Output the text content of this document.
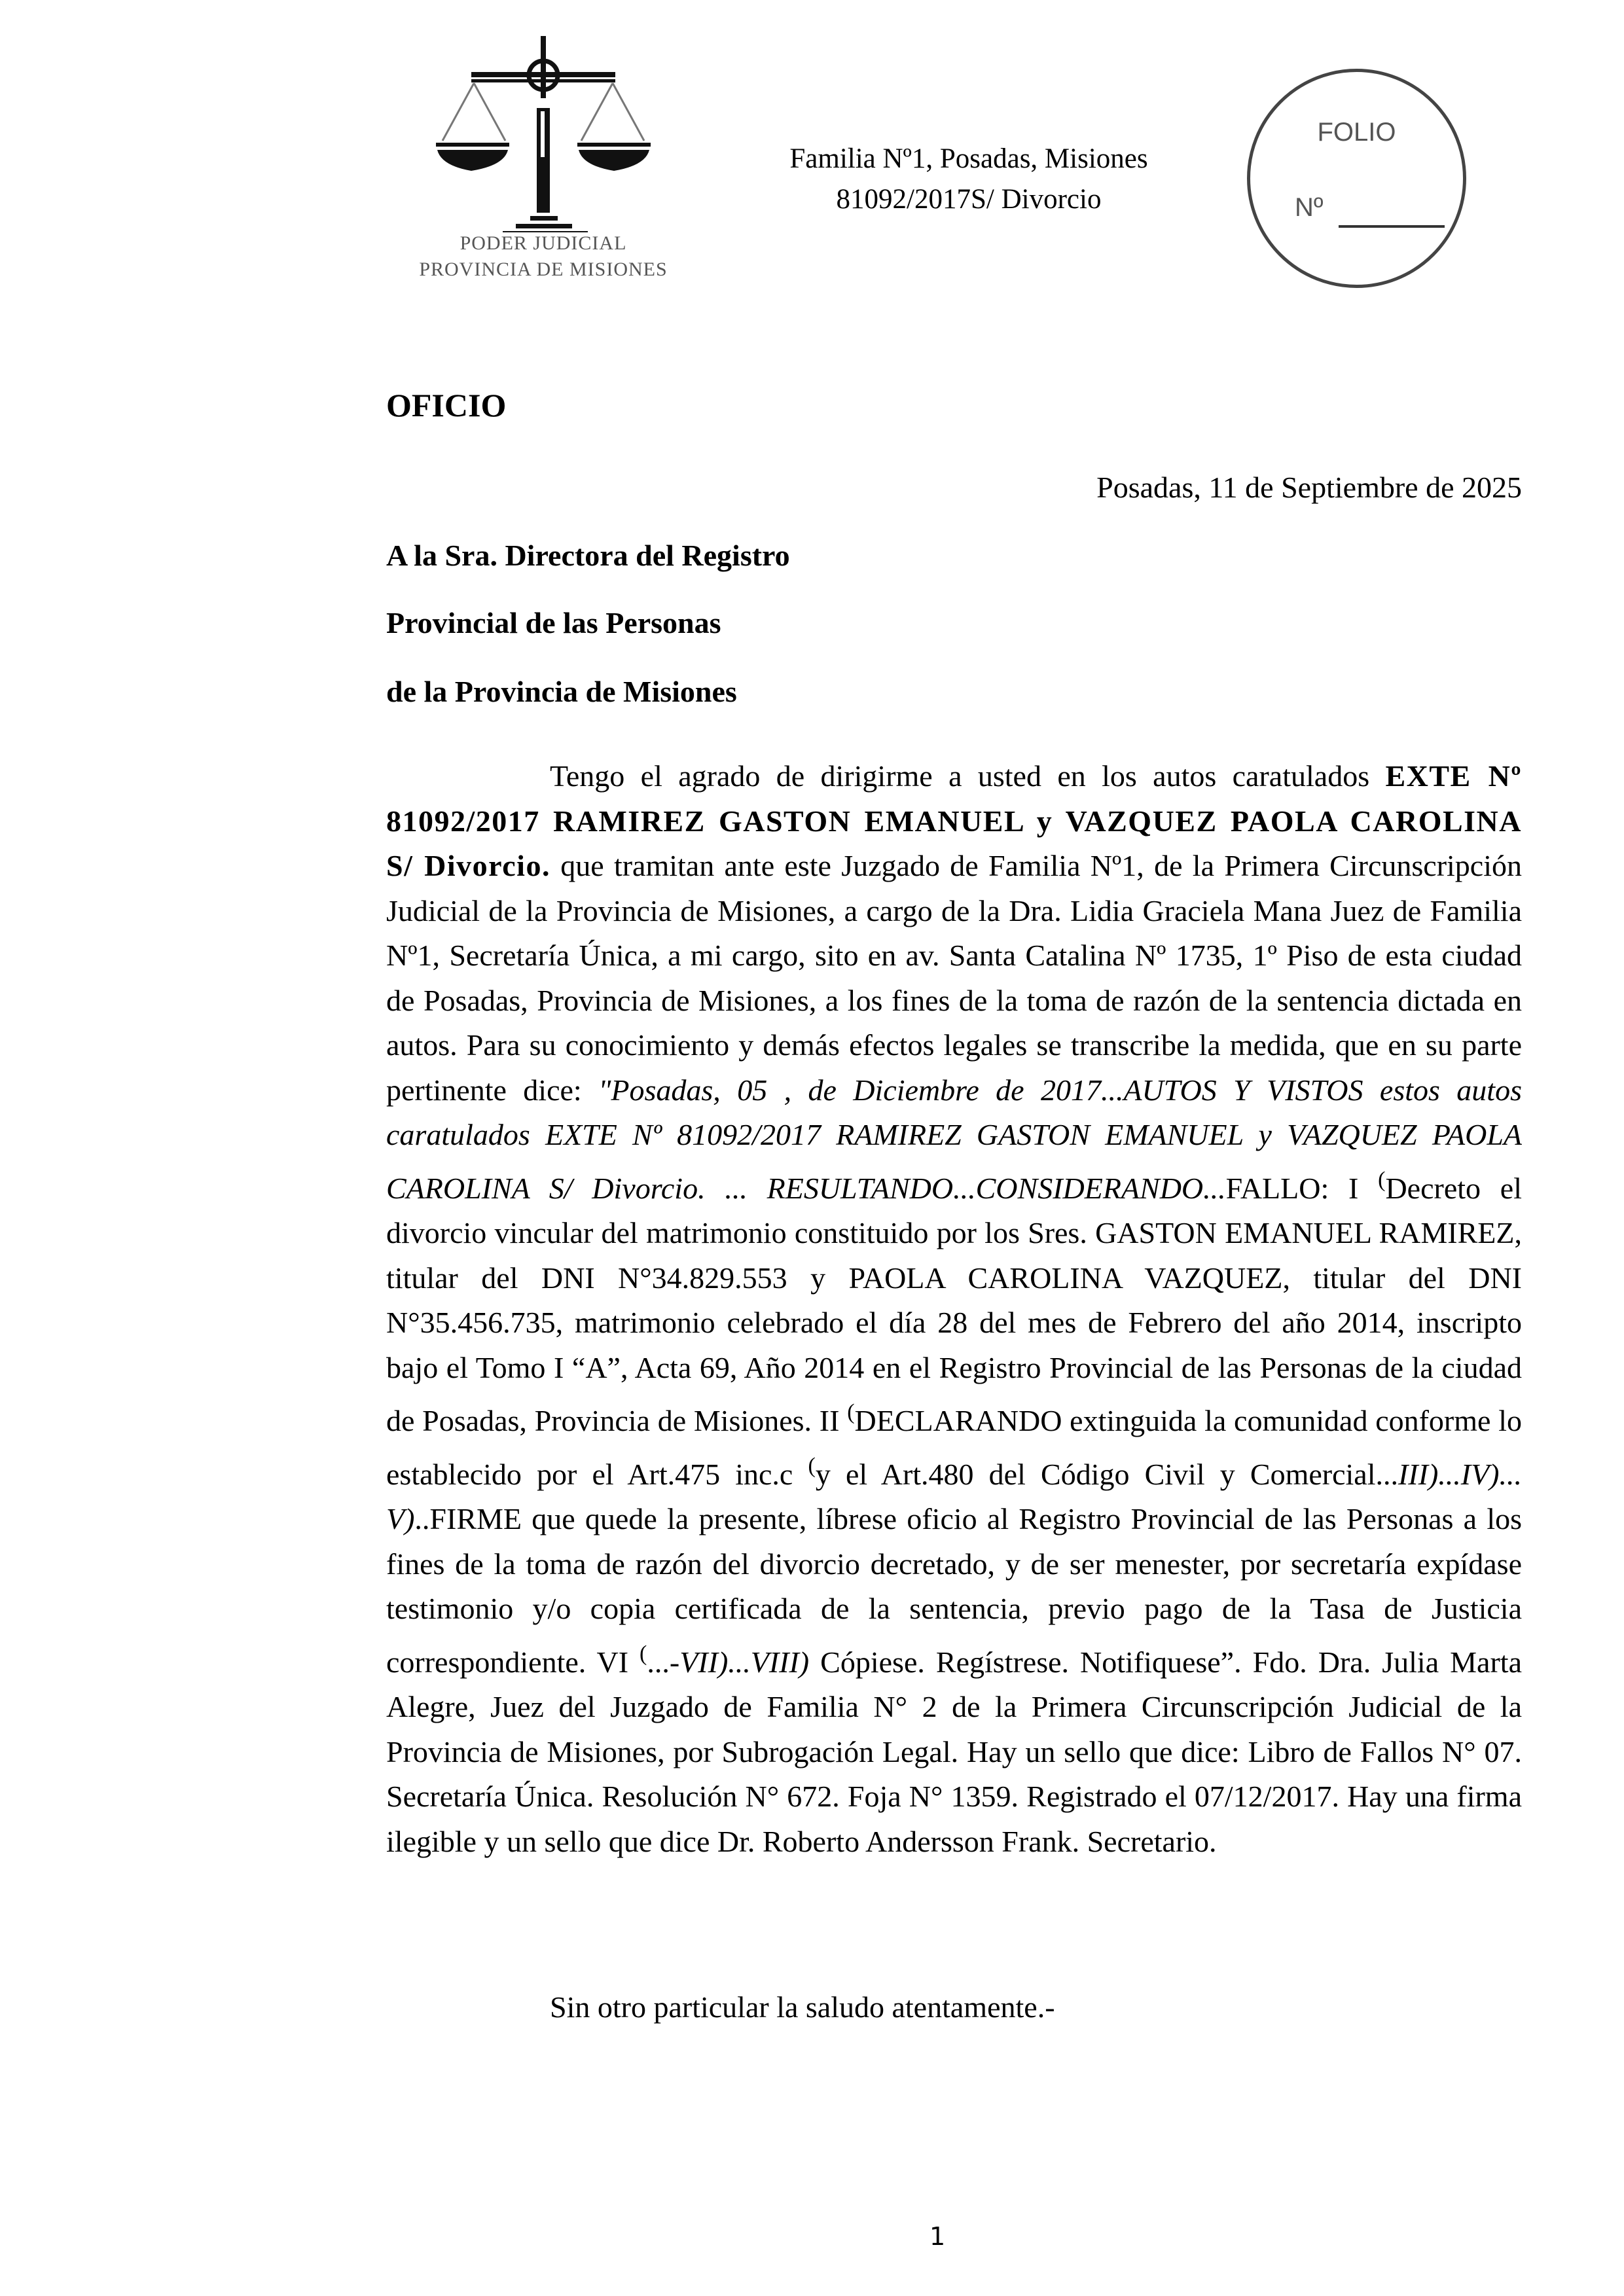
PODER JUDICIAL
PROVINCIA DE MISIONES
Familia Nº1, Posadas, Misiones
81092/2017S/ Divorcio
FOLIO
Nº
OFICIO
Posadas, 11 de Septiembre de 2025
A la Sra. Directora del Registro
Provincial de las Personas
de la Provincia de Misiones

Tengo el agrado de dirigirme a usted en los autos caratulados EXTE Nº 81092/2017 RAMIREZ GASTON EMANUEL y VAZQUEZ PAOLA CAROLINA S/ Divorcio. que tramitan ante este Juzgado de Familia Nº1, de la Primera Circunscripción Judicial de la Provincia de Misiones, a cargo de la Dra. Lidia Graciela Mana Juez de Familia Nº1, Secretaría Única, a mi cargo, sito en av. Santa Catalina Nº 1735, 1º Piso de esta ciudad de Posadas, Provincia de Misiones, a los fines de la toma de razón de la sentencia dictada en autos. Para su conocimiento y demás efectos legales se transcribe la medida, que en su parte pertinente dice: "Posadas, 05 , de Diciembre de 2017...AUTOS Y VISTOS estos autos caratulados EXTE Nº 81092/2017 RAMIREZ GASTON EMANUEL y VAZQUEZ PAOLA CAROLINA S/ Divorcio. ... RESULTANDO...CONSIDERANDO...FALLO: I (Decreto el divorcio vincular del matrimonio constituido por los Sres. GASTON EMANUEL RAMIREZ, titular del DNI N°34.829.553 y PAOLA CAROLINA VAZQUEZ, titular del DNI N°35.456.735, matrimonio celebrado el día 28 del mes de Febrero del año 2014, inscripto bajo el Tomo I “A”, Acta 69, Año 2014 en el Registro Provincial de las Personas de la ciudad de Posadas, Provincia de Misiones. II (DECLARANDO extinguida la comunidad conforme lo establecido por el Art.475 inc.c (y el Art.480 del Código Civil y Comercial...III)...IV)... V)..FIRME que quede la presente, líbrese oficio al Registro Provincial de las Personas a los fines de la toma de razón del divorcio decretado, y de ser menester, por secretaría expídase testimonio y/o copia certificada de la sentencia, previo pago de la Tasa de Justicia correspondiente. VI (...-VII)...VIII) Cópiese. Regístrese. Notifiquese”. Fdo. Dra. Julia Marta Alegre, Juez del Juzgado de Familia N° 2 de la Primera Circunscripción Judicial de la Provincia de Misiones, por Subrogación Legal. Hay un sello que dice: Libro de Fallos N° 07. Secretaría Única. Resolución N° 672. Foja N° 1359. Registrado el 07/12/2017. Hay una firma ilegible y un sello que dice Dr. Roberto Andersson Frank. Secretario.

Sin otro particular la saludo atentamente.-
1
